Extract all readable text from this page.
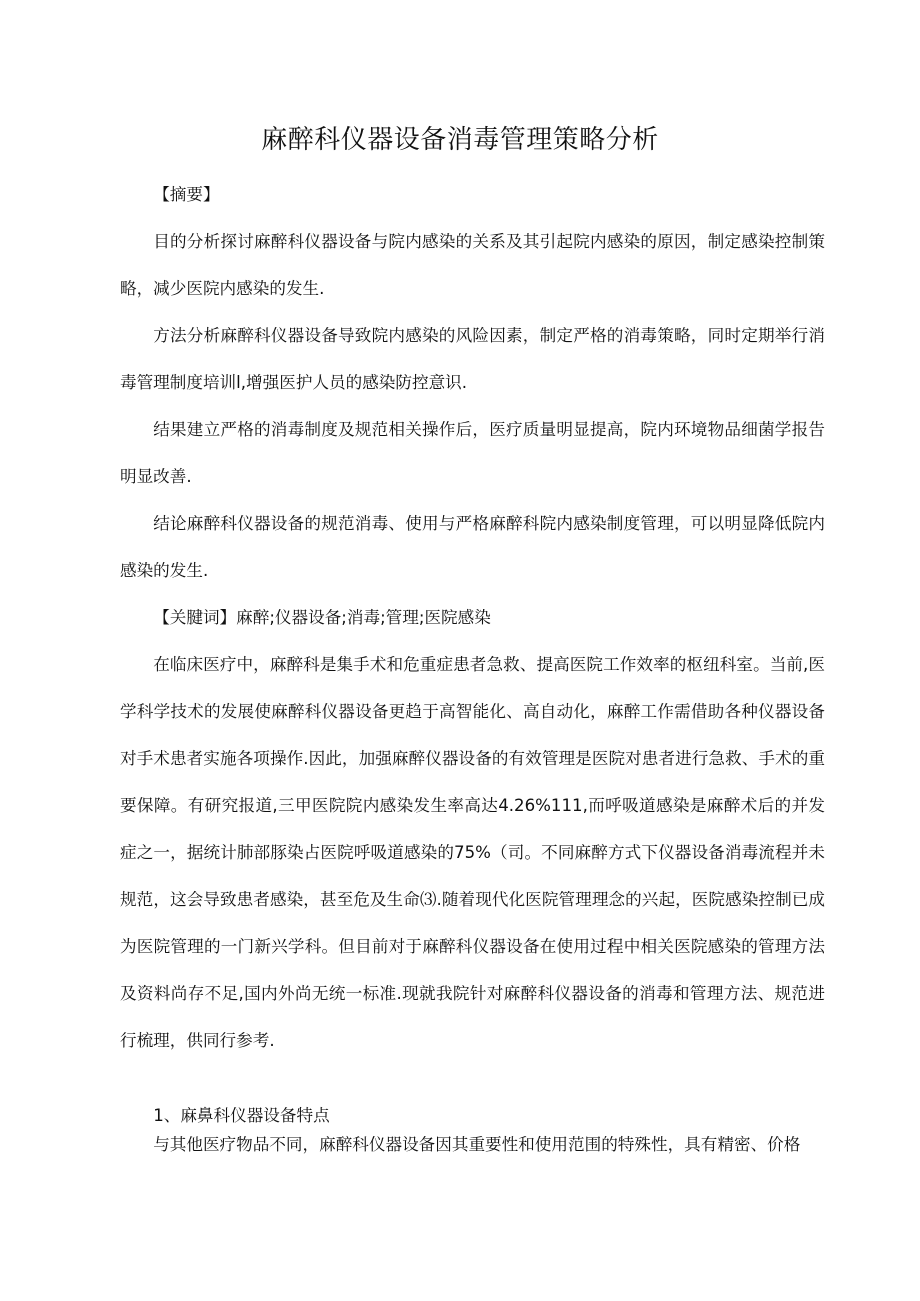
麻醉科仪器设备消毒管理策略分析

【摘要】

目的分析探讨麻醉科仪器设备与院内感染的关系及其引起院内感染的原因，制定感染控制策略，减少医院内感染的发生.

方法分析麻醉科仪器设备导致院内感染的风险因素，制定严格的消毒策略，同时定期举行消毒管理制度培训l,增强医护人员的感染防控意识.

结果建立严格的消毒制度及规范相关操作后，医疗质量明显提高，院内环境物品细菌学报告明显改善.

结论麻醉科仪器设备的规范消毒、使用与严格麻醉科院内感染制度管理，可以明显降低院内感染的发生.

【关腱词】麻醉;仪器设备;消毒;管理;医院感染

在临床医疗中，麻醉科是集手术和危重症患者急救、提高医院工作效率的枢纽科室。当前,医学科学技术的发展使麻醉科仪器设备更趋于高智能化、高自动化，麻醉工作需借助各种仪器设备对手术患者实施各项操作.因此，加强麻醉仪器设备的有效管理是医院对患者进行急救、手术的重要保障。有研究报道,三甲医院院内感染发生率高达4.26%111,而呼吸道感染是麻醉术后的并发症之一，据统计肺部豚染占医院呼吸道感染的75%（司。不同麻醉方式下仪器设备消毒流程并未规范，这会导致患者感染，甚至危及生命⑶.随着现代化医院管理理念的兴起，医院感染控制已成为医院管理的一门新兴学科。但目前对于麻醉科仪器设备在使用过程中相关医院感染的管理方法及资料尚存不足,国内外尚无统一标准.现就我院针对麻醉科仪器设备的消毒和管理方法、规范进行梳理，供同行参考.

1、麻鼻科仪器设备特点

与其他医疗物品不同，麻醉科仪器设备因其重要性和使用范围的特殊性，具有精密、价格
